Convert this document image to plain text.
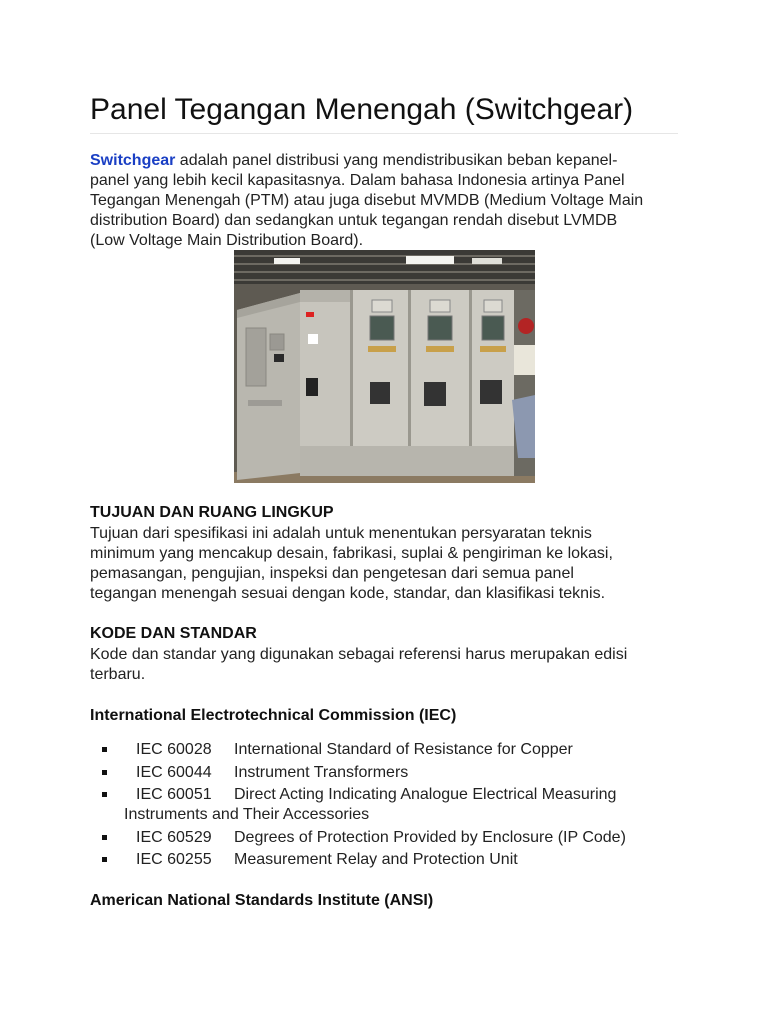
Panel Tegangan Menengah (Switchgear)

Switchgear adalah panel distribusi yang mendistribusikan beban kepanel-
panel yang lebih kecil kapasitasnya. Dalam bahasa Indonesia artinya Panel
Tegangan Menengah (PTM) atau juga disebut MVMDB (Medium Voltage Main
distribution Board) dan sedangkan untuk tegangan rendah disebut LVMDB
(Low Voltage Main Distribution Board).

TUJUAN DAN RUANG LINGKUP

Tujuan dari spesifikasi ini adalah untuk menentukan persyaratan teknis
minimum yang mencakup desain, fabrikasi, suplai & pengiriman ke lokasi,
pemasangan, pengujian, inspeksi dan pengetesan dari semua panel
tegangan menengah sesuai dengan kode, standar, dan klasifikasi teknis.

KODE DAN STANDAR

Kode dan standar yang digunakan sebagai referensi harus merupakan edisi
terbaru.

International Electrotechnical Commission (IEC)
IEC 60028 International Standard of Resistance for Copper
IEC 60044 Instrument Transformers
IEC 60051 Direct Acting Indicating Analogue Electrical Measuring
Instruments and Their Accessories
IEC 60529 Degrees of Protection Provided by Enclosure (IP Code)
IEC 60255 Measurement Relay and Protection Unit
American National Standards Institute (ANSI)
